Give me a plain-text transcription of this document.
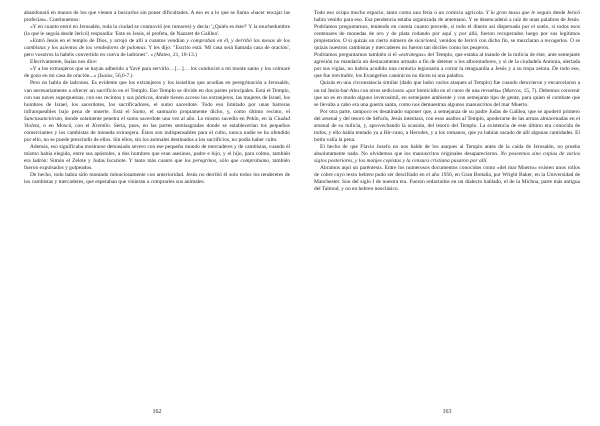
abandonará en manos de los que vienen a buscarlos sin poner dificultades. A eso es a lo que se llama «hacer encajar las profecías». Continuemos:

«Y en cuanto entró en Jerusalén, toda la ciudad se conmovió (en rumores) y decía: '¿Quién es éste?' Y la muchedumbre (la que le seguía desde Jericó) respondía: 'Este es Jesús, el profeta, de Nazaret de Galilea'.

»Entró Jesús en el templo de Dios, y arrojó de allí a cuantos vendían y compraban en él, y derribó las mesas de los cambistas y los asientos de los vendedores de palomas. Y les dijo: "Escrito está: 'Mi casa será llamada casa de oración', pero vosotros la habéis convertido en cueva de ladrones". » (Mateo, 21, 10-13.)

Efectivamente, Isaías nos dice:

«Y a los extranjeros que se hayan adherido a Yavé para servirlo…[…]… los conduciré a mi monte santo y los colmaré de gozo en mi casa de oración...» (Isaías, 56,6-7.)

Pero no habla de ladrones. Es evidente que los extranjeros y los israelitas que acudían en peregrinación a Jerusalén, van necesariamente a ofrecer un sacrificio en el Templo. Ese Templo se divide en dos partes principales. Está el Templo, con sus naves superpuestas, con sus recintos y sus pórticos, donde tienen acceso los extranjeros, las mujeres de Israel, los hombres de Israel, los sacerdotes, los sacrificadores, el sumo sacerdote. Todo eso limitado por unas barreras infranqueables bajo pena de muerte. Está el Santo, el santuario propiamente dicho, y, como último recinto, el Sanctasanctórum, donde solamente penetra el sumo sacerdote una vez al año. Lo mismo sucedía en Pekín, en la Ciudad Violeta, o en Moscú, con el Kremlin. Sería, pues, en las partes semisagradas donde se establecerían los pequeños comerciantes y los cambistas de moneda extranjera. Éstos son indispensables para el culto, nunca nadie se ha ofendido por ello, no se puede prescindir de ellos. Sin ellos, sin los animales destinados a los sacrificios, no podía haber culto.

Además, eso significaba mostrarse demasiado severo con ese pequeño mundo de mercaderes y de cambistas, cuando él mismo había elegido, entre sus apóstoles, a dos hombres que eran asesinos, padre e hijo, y el hijo, para colmo, también era ladrón: Simón el Zelote y Judas Iscariote. Y tanto más cuanto que los peregrinos, sólo que comprabamo, también fueron expulsados y golpeados.

De hecho, todo había sido montado minuciosamente con anterioridad. Jesús no derribó él solo todos los tenderetes de los cambistas y mercaderes, que esperaban que vinieran a comprarles sus animales.

162

Todo eso ocupa mucho espacio, tanto como una feria o un comicio agrícola. Y la gran masa que le seguía desde Jericó había venido para eso. Esa pendencia estaba organizada de antemano. Y se desencadenó a raíz de unas palabras de Jesús. Podríamos preguntarnos, teniendo en cuenta cuanto precede, si todo el dinero así dispersado por el suelo, si todos esos centenares de monedas de oro y de plata rodando por aquí y por allá, fueron recuperados luego por sus legítimos propietarios. O si quizás un cierto número de sicarioteá, venidos de Jericó con dicho fin, se mezclaran a recogerlos. O se quizás nuestros cambistas y mercaderes no fueron tan dóciles como los peajeros.

Podríamos preguntarnos también si el «estrategas» del Templo, que estaba al mando de la milicia de éste, ante semejante agresión no mandaría un destacamento armado a fin de detener a los alborotadores, y si de la ciudadela Antonia, alertada por sus vigías, no habría acudido una centuria legionaria a cortar la retaguardia a Jesús y a su tropa zelota. De todo eso, que fue inevitable, los Evangelios canónicos no dicen ni una palabra.

Quizás en una circunstancia similar (dado que hubo varios ataques al Templo) fue cuando detuvieron y encarcelaron a un tal Jesús-bar-Abu con otros sediciosos «por homicidio en el curso de una revuelta» (Marcos, 15, 7). Debemos convenir que no es en modo alguno inverosímil, en semejante ambiente y con semejante tipo de gente, para quien el combate que se llevaba a cabo era una guerra santa, como nos demuestran algunos manuscritos del mar Muerto.

Por otra parte, tampoco es desatinado suponer que, a semejanza de su padre Judas de Galilea, que se apoderó primero del arsenal y del tesoro de Séforis, Jesús intentara, con esos asaltos al Templo, apoderarse de las armas almacenadas en el arsenal de su milicia, y, aprovechando la ocasión, del tesoro del Templo. La existencia de este último era conocida de todos, y ello había tentado ya a Hir-cano, a Herodes, y a los romanos, que ya habían sacado de allí algunas cantidades. El botín valía la pena.

El hecho de que Flavio Josefo no nos hable de los ataques al Templo antes de la caída de Jerusalén, no prueba absolutamente nada. No olvidemos que los manuscritos originales desaparecieron. No poseemos sino copias de varios siglos posteriores, y los monjes copistas y la censura cristiana pasaron por allí.

Abramos aquí un paréntesis. Entre los numerosos documentos conocidos como «del mar Muerto» existen unos rollos de cobre cuyo texto hebreo pudo ser descifrado en el año 1956, en Gran Bretaña, por Wright Baker, en la Universidad de Manchester. Son del siglo I de nuestra era. Fueron redactados en un dialecto hablado, el de la Michna, parte más antigua del Talmud, y no en hebreo neoclásico.

163
